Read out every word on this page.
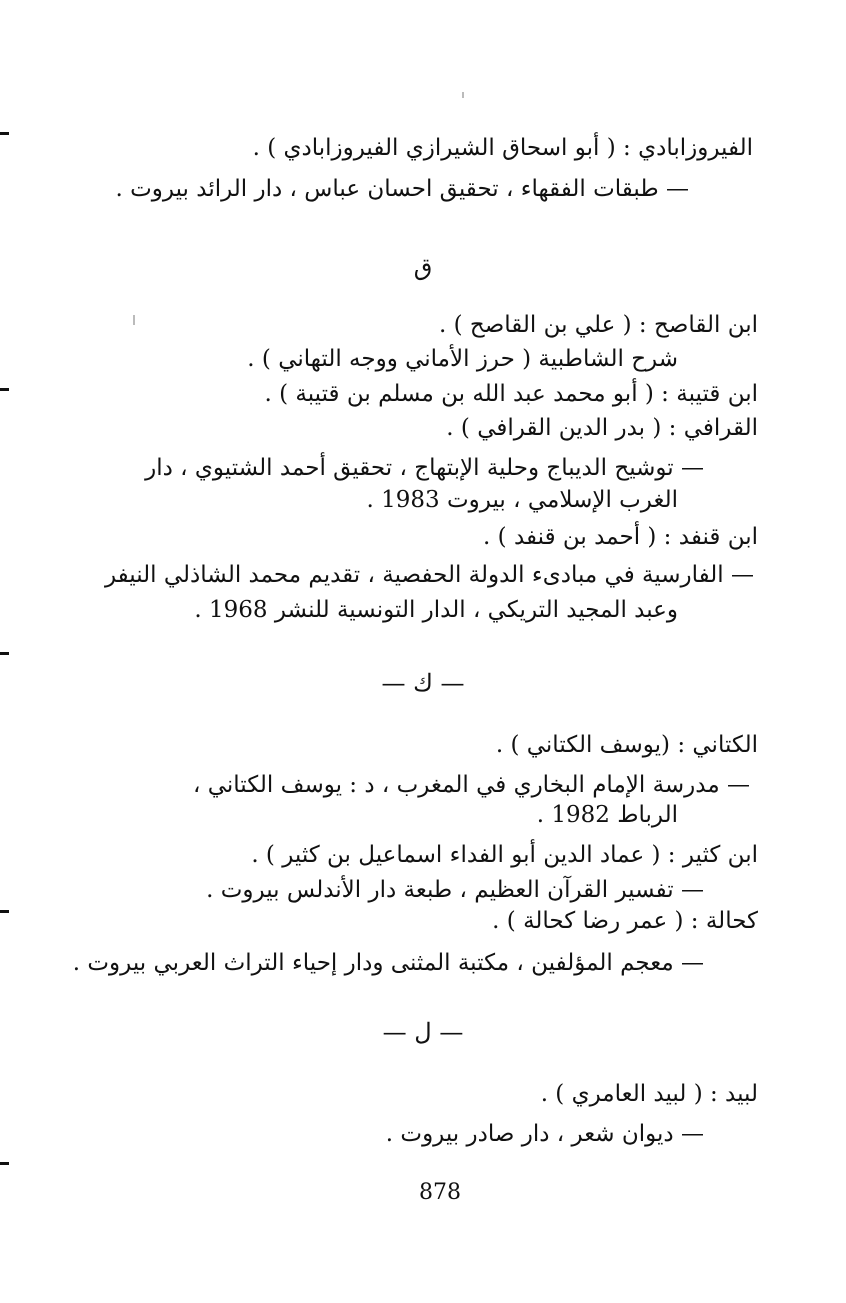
الفيروزابادي : ( أبو اسحاق الشيرازي الفيروزابادي ) .
— طبقات الفقهاء ، تحقيق احسان عباس ، دار الرائد بيروت .
ق
ابن القاصح : ( علي بن القاصح ) .
شرح الشاطبية ( حرز الأماني ووجه التهاني ) .
ابن قتيبة : ( أبو محمد عبد الله بن مسلم بن قتيبة ) .
القرافي : ( بدر الدين القرافي ) .
— توشيح الديباج وحلية الإبتهاج ، تحقيق أحمد الشتيوي ، دار
الغرب الإسلامي ، بيروت 1983 .
ابن قنفد : ( أحمد بن قنفد ) .
— الفارسية في مبادىء الدولة الحفصية ، تقديم محمد الشاذلي النيفر
وعبد المجيد التريكي ، الدار التونسية للنشر 1968 .
— ك —
الكتاني : (يوسف الكتاني ) .
— مدرسة الإمام البخاري في المغرب ، د : يوسف الكتاني ،
الرباط 1982 .
ابن كثير : ( عماد الدين أبو الفداء اسماعيل بن كثير ) .
— تفسير القرآن العظيم ، طبعة دار الأندلس بيروت .
كحالة : ( عمر رضا كحالة ) .
— معجم المؤلفين ، مكتبة المثنى ودار إحياء التراث العربي بيروت .
— ل —
لبيد : ( لبيد العامري ) .
— ديوان شعر ، دار صادر بيروت .
878
